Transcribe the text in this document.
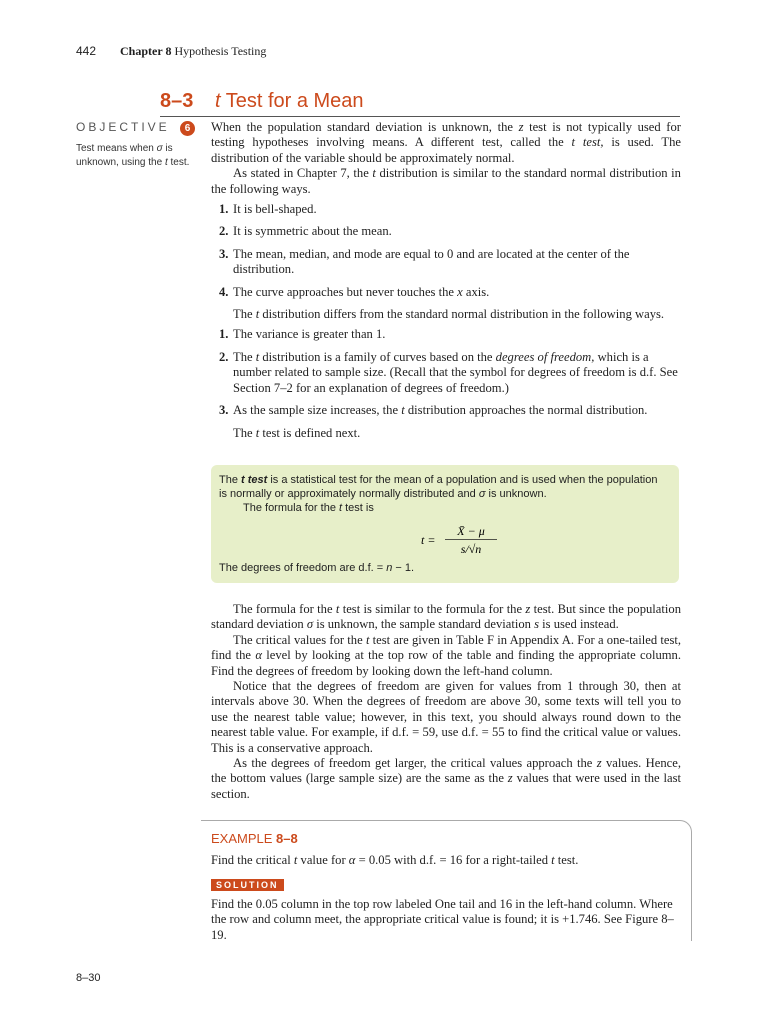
442 Chapter 8 Hypothesis Testing
8–3 t Test for a Mean
OBJECTIVE 6
Test means when σ is unknown, using the t test.

When the population standard deviation is unknown, the z test is not typically used for testing hypotheses involving means. A different test, called the t test, is used. The distribution of the variable should be approximately normal.

As stated in Chapter 7, the t distribution is similar to the standard normal distribution in the following ways.

1. It is bell-shaped.
2. It is symmetric about the mean.
3. The mean, median, and mode are equal to 0 and are located at the center of the distribution.
4. The curve approaches but never touches the x axis.

The t distribution differs from the standard normal distribution in the following ways.

1. The variance is greater than 1.
2. The t distribution is a family of curves based on the degrees of freedom, which is a number related to sample size. (Recall that the symbol for degrees of freedom is d.f. See Section 7–2 for an explanation of degrees of freedom.)
3. As the sample size increases, the t distribution approaches the normal distribution.

The t test is defined next.

The t test is a statistical test for the mean of a population and is used when the population is normally or approximately normally distributed and σ is unknown.
The formula for the t test is
t =
X̄ − μ
s/√n
The degrees of freedom are d.f. = n − 1.

The formula for the t test is similar to the formula for the z test. But since the population standard deviation σ is unknown, the sample standard deviation s is used instead.

The critical values for the t test are given in Table F in Appendix A. For a one-tailed test, find the α level by looking at the top row of the table and finding the appropriate column. Find the degrees of freedom by looking down the left-hand column.

Notice that the degrees of freedom are given for values from 1 through 30, then at intervals above 30. When the degrees of freedom are above 30, some texts will tell you to use the nearest table value; however, in this text, you should always round down to the nearest table value. For example, if d.f. = 59, use d.f. = 55 to find the critical value or values. This is a conservative approach.

As the degrees of freedom get larger, the critical values approach the z values. Hence, the bottom values (large sample size) are the same as the z values that were used in the last section.

EXAMPLE 8–8
Find the critical t value for α = 0.05 with d.f. = 16 for a right-tailed t test.
SOLUTION
Find the 0.05 column in the top row labeled One tail and 16 in the left-hand column. Where the row and column meet, the appropriate critical value is found; it is +1.746. See Figure 8–19.
8–30
